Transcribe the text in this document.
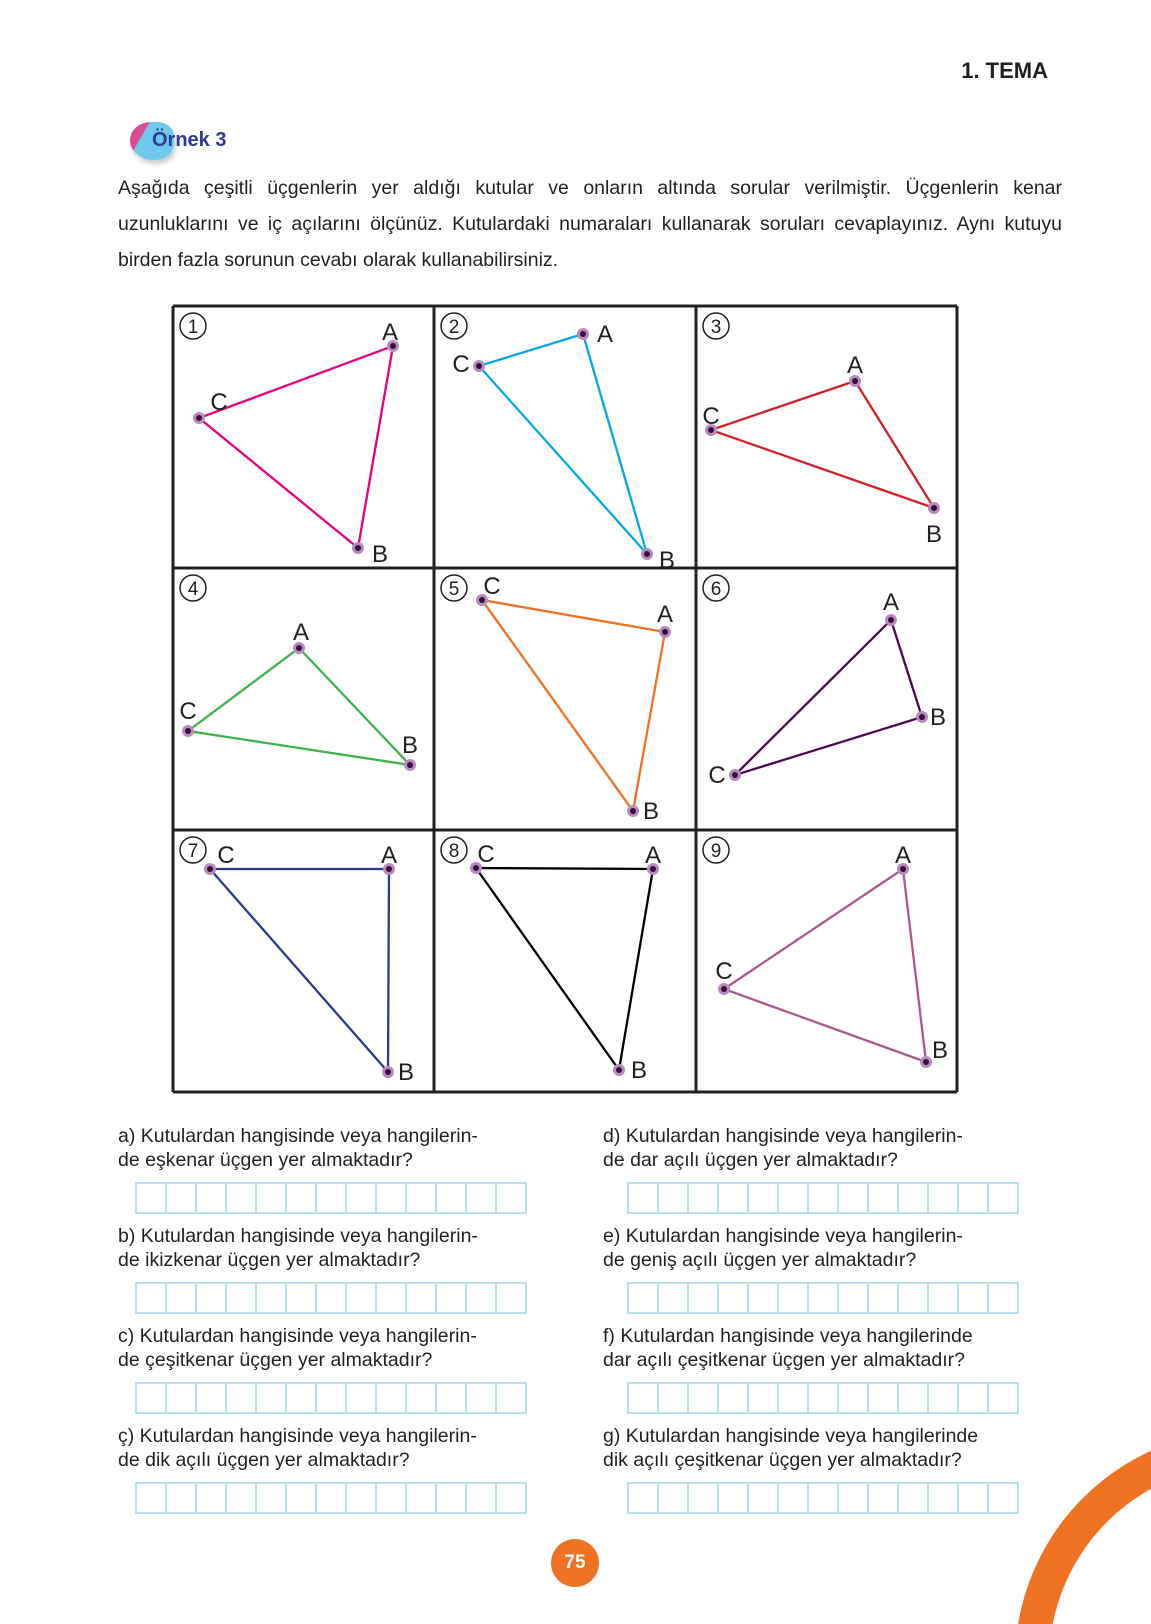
1. TEMA
Örnek 3
Aşağıda çeşitli üçgenlerin yer aldığı kutular ve onların altında sorular verilmiştir. Üçgenlerin kenar uzunluklarını ve iç açılarını ölçünüz. Kutulardaki numaraları kullanarak soruları cevaplayınız. Aynı kutuyu birden fazla sorunun cevabı olarak kullanabilirsiniz.
A
B
C
1	A
B
C
2
A
B
C
3
A
B
C
4
A
B
C
5	A
B
C
6
A
B
C
7	A
B
C
8	A
B
C
9
a) Kutulardan hangisinde veya hangilerin-
de eşkenar üçgen yer almaktadır?
b) Kutulardan hangisinde veya hangilerin-
de ikizkenar üçgen yer almaktadır?
c) Kutulardan hangisinde veya hangilerin-
de çeşitkenar üçgen yer almaktadır?
ç) Kutulardan hangisinde veya hangilerin-
de dik açılı üçgen yer almaktadır?
d) Kutulardan hangisinde veya hangilerin-
de dar açılı üçgen yer almaktadır?
e) Kutulardan hangisinde veya hangilerin-
de geniş açılı üçgen yer almaktadır?
f) Kutulardan hangisinde veya hangilerinde
dar açılı çeşitkenar üçgen yer almaktadır?
g) Kutulardan hangisinde veya hangilerinde
dik açılı çeşitkenar üçgen yer almaktadır?
75
